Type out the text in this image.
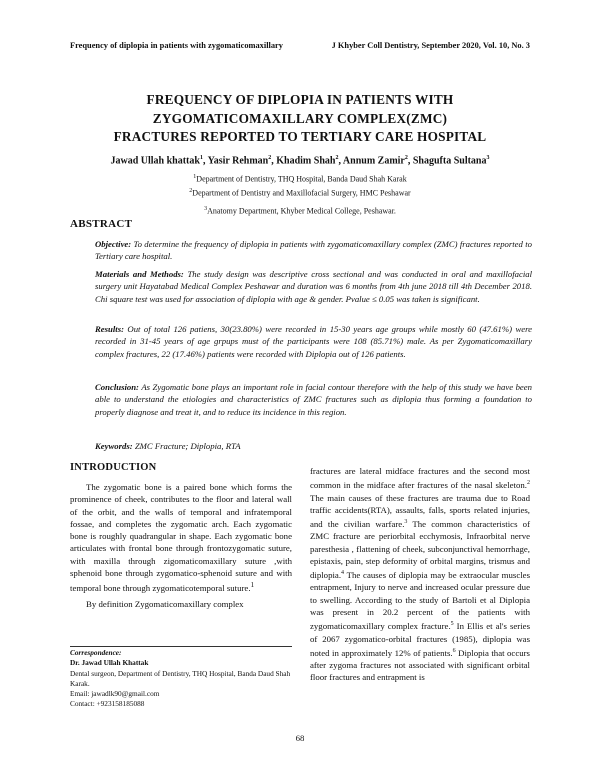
Frequency of diplopia in patients with zygomaticomaxillary	J Khyber Coll Dentistry, September 2020, Vol. 10, No. 3
FREQUENCY OF DIPLOPIA IN PATIENTS WITH
ZYGOMATICOMAXILLARY COMPLEX(ZMC)
FRACTURES REPORTED TO TERTIARY CARE HOSPITAL
Jawad Ullah khattak$^1$, Yasir Rehman$^2$, Khadim Shah$^2$, Annum Zamir$^2$, Shagufta Sultana$^3$
$^1$Department of Dentistry, THQ Hospital, Banda Daud Shah Karak
$^2$Department of Dentistry and Maxillofacial Surgery, HMC Peshawar
$^3$Anatomy Department, Khyber Medical College, Peshawar.
ABSTRACT
Objective: To determine the frequency of diplopia in patients with zygomaticomaxillary complex (ZMC) fractures reported to Tertiary care hospital.
Materials and Methods: The study design was descriptive cross sectional and was conducted in oral and maxillofacial surgery unit Hayatabad Medical Complex Peshawar and duration was 6 months from 4th june 2018 till 4th December 2018. Chi square test was used for association of diplopia with age & gender. Pvalue ≤ 0.05 was taken is significant.
Results: Out of total 126 patiens, 30(23.80%) were recorded in 15-30 years age groups while mostly 60 (47.61%) were recorded in 31-45 years of age grpups must of the participants were 108 (85.71%) male. As per Zygomaticomaxillary complex fractures, 22 (17.46%) patients were recorded with Diplopia out of 126 patients.
Conclusion: As Zygomatic bone plays an important role in facial contour therefore with the help of this study we have been able to understand the etiologies and characteristics of ZMC fractures such as diplopia thus forming a foundation to properly diagnose and treat it, and to reduce its incidence in this region.
Keywords: ZMC Fracture; Diplopia, RTA
INTRODUCTION
The zygomatic bone is a paired bone which forms the prominence of cheek, contributes to the floor and lateral wall of the orbit, and the walls of temporal and infratemporal fossae, and completes the zygomatic arch. Each zygomatic bone is roughly quadrangular in shape. Each zygomatic bone articulates with frontal bone through frontozygomatic suture, with maxilla through zigomaticomaxillary suture ,with sphenoid bone through zygomatico-sphenoid suture and with temporal bone through zygomaticotemporal suture.$^1$
By definition Zygomaticomaxillary complex
fractures are lateral midface fractures and the second most common in the midface after fractures of the nasal skeleton.$^2$ The main causes of these fractures are trauma due to Road traffic accidents(RTA), assaults, falls, sports related injuries, and the civilian warfare.$^3$ The common characteristics of ZMC fracture are periorbital ecchymosis, Infraorbital nerve paresthesia , flattening of cheek, subconjunctival hemorrhage, epistaxis, pain, step deformity of orbital margins, trismus and diplopia.$^4$ The causes of diplopia may be extraocular muscles entrapment, Injury to nerve and increased ocular pressure due to swelling. According to the study of Bartoli et al Diplopia was present in 20.2 percent of the patients with zygomaticomaxillary complex fracture.$^5$ In Ellis et al's series of 2067 zygomatico-orbital fractures (1985), diplopia was noted in approximately 12% of patients.$^6$ Diplopia that occurs after zygoma fractures not associated with significant orbital floor fractures and entrapment is
Correspondence:
Dr. Jawad Ullah Khattak
Dental surgeon, Department of Dentistry, THQ Hospital, Banda Daud Shah Karak.
Email: jawadlk90@gmail.com
Contact: +923158185088
68
